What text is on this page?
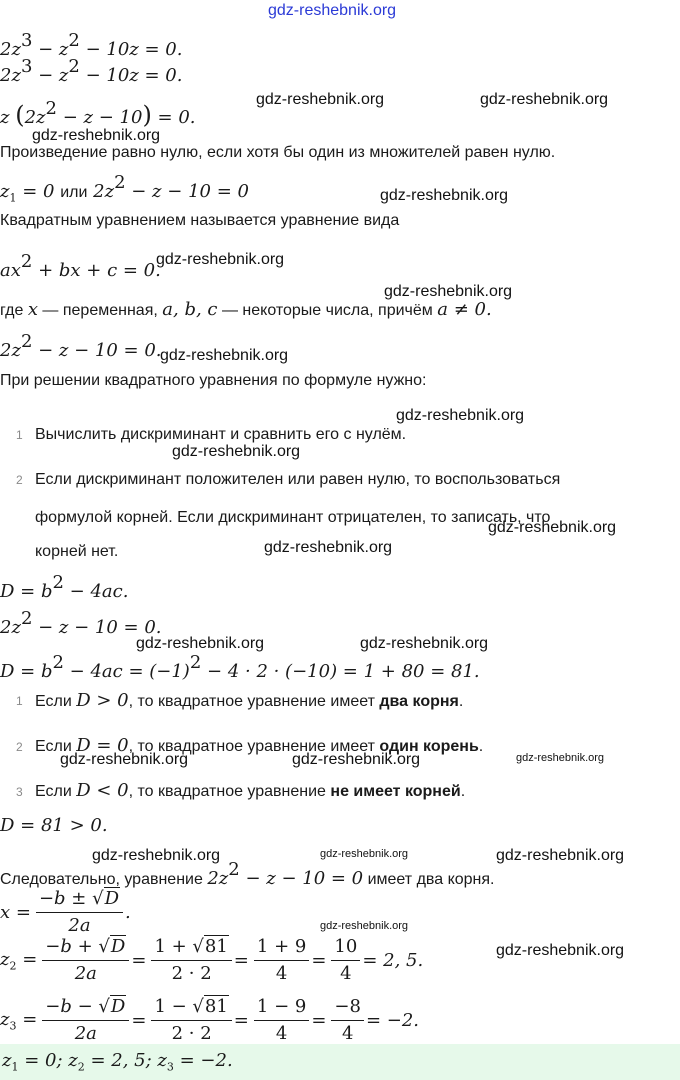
gdz-reshebnik.org
$2z^3 - z^2 - 10z = 0$.
$2z^3 - z^2 - 10z = 0$.
z $(2z^2 - z - 10) = 0$.
gdz-reshebnik.org	gdz-reshebnik.org
gdz-reshebnik.org
Произведение равно нулю, если хотя бы один из множителей равен нулю.
$z_1 = 0$ или $2z^2 - z - 10 = 0$	gdz-reshebnik.org
Квадратным уравнением называется уравнение вида
$ax^2$ + bx + c = 0.
gdz-reshebnik.org
gdz-reshebnik.org
где x — переменная, a, b, c — некоторые числа, причём a ≠ 0.
$2z^2 - z - 10 = 0$.
gdz-reshebnik.org
При решении квадратного уравнения по формуле нужно:
gdz-reshebnik.org
1 Вычислить дискриминант и сравнить его с нулём.
gdz-reshebnik.org
2 Если дискриминант положителен или равен нулю, то воспользоваться
формулой корней. Если дискриминант отрицателен, то записать, что
gdz-reshebnik.org
корней нет.	gdz-reshebnik.org
$D = b^2 - 4ac$.
$2z^2 - z - 10 = 0$.
gdz-reshebnik.org	gdz-reshebnik.org
$D = b^2 - 4ac = (-1)^2 - 4 \cdot 2 \cdot (-10) = 1 + 80 = 81$.
1 Если D > 0, то квадратное уравнение имеет два корня.
2 Если D = 0, то квадратное уравнение имеет один корень.
gdz-reshebnik.org	gdz-reshebnik.org	gdz-reshebnik.org
3 Если D < 0, то квадратное уравнение не имеет корней.
D = 81 > 0.
gdz-reshebnik.org	gdz-reshebnik.org	gdz-reshebnik.org
Следовательно, уравнение $2z^2 - z - 10 = 0$ имеет два корня.
$x = \frac{-b \pm √D}{2a}$ .
gdz-reshebnik.org
$z_2 = \frac{-b + √D}{2a} = \frac{1 + √81}{2 \cdot 2} = \frac{1 + 9}{4} = \frac{10}{4} = 2$, 5.	gdz-reshebnik.org
$z_3 = \frac{-b - √D}{2a} = \frac{1 - √81}{2 \cdot 2} = \frac{1 - 9}{4} = \frac{-8}{4} = -2$.
$z_1 = 0$; $z_2 = 2$, 5; $z_3 = -2$.
